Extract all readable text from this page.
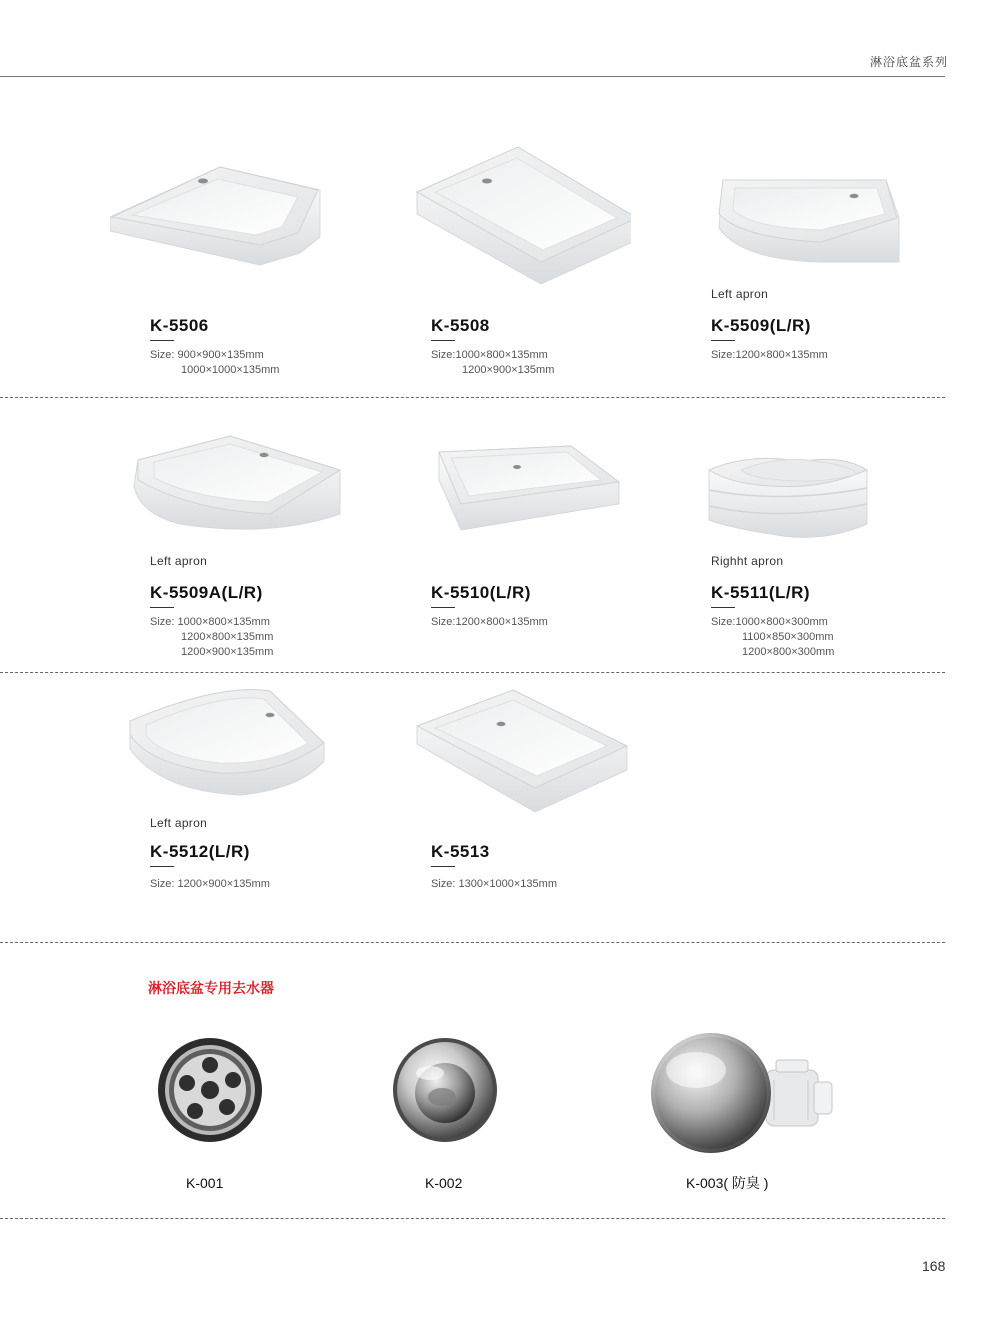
淋浴底盆系列
K-5506
Size: 900×900×135mm
1000×1000×135mm
K-5508
Size:1000×800×135mm
1200×900×135mm
Left apron
K-5509(L/R)
Size:1200×800×135mm
Left apron
K-5509A(L/R)
Size: 1000×800×135mm
1200×800×135mm
1200×900×135mm
K-5510(L/R)
Size:1200×800×135mm
Righht apron
K-5511(L/R)
Size:1000×800×300mm
1100×850×300mm
1200×800×300mm
Left apron
K-5512(L/R)
Size: 1200×900×135mm
K-5513
Size: 1300×1000×135mm
淋浴底盆专用去水器
K-001	K-002	K-003( 防臭 )
168
